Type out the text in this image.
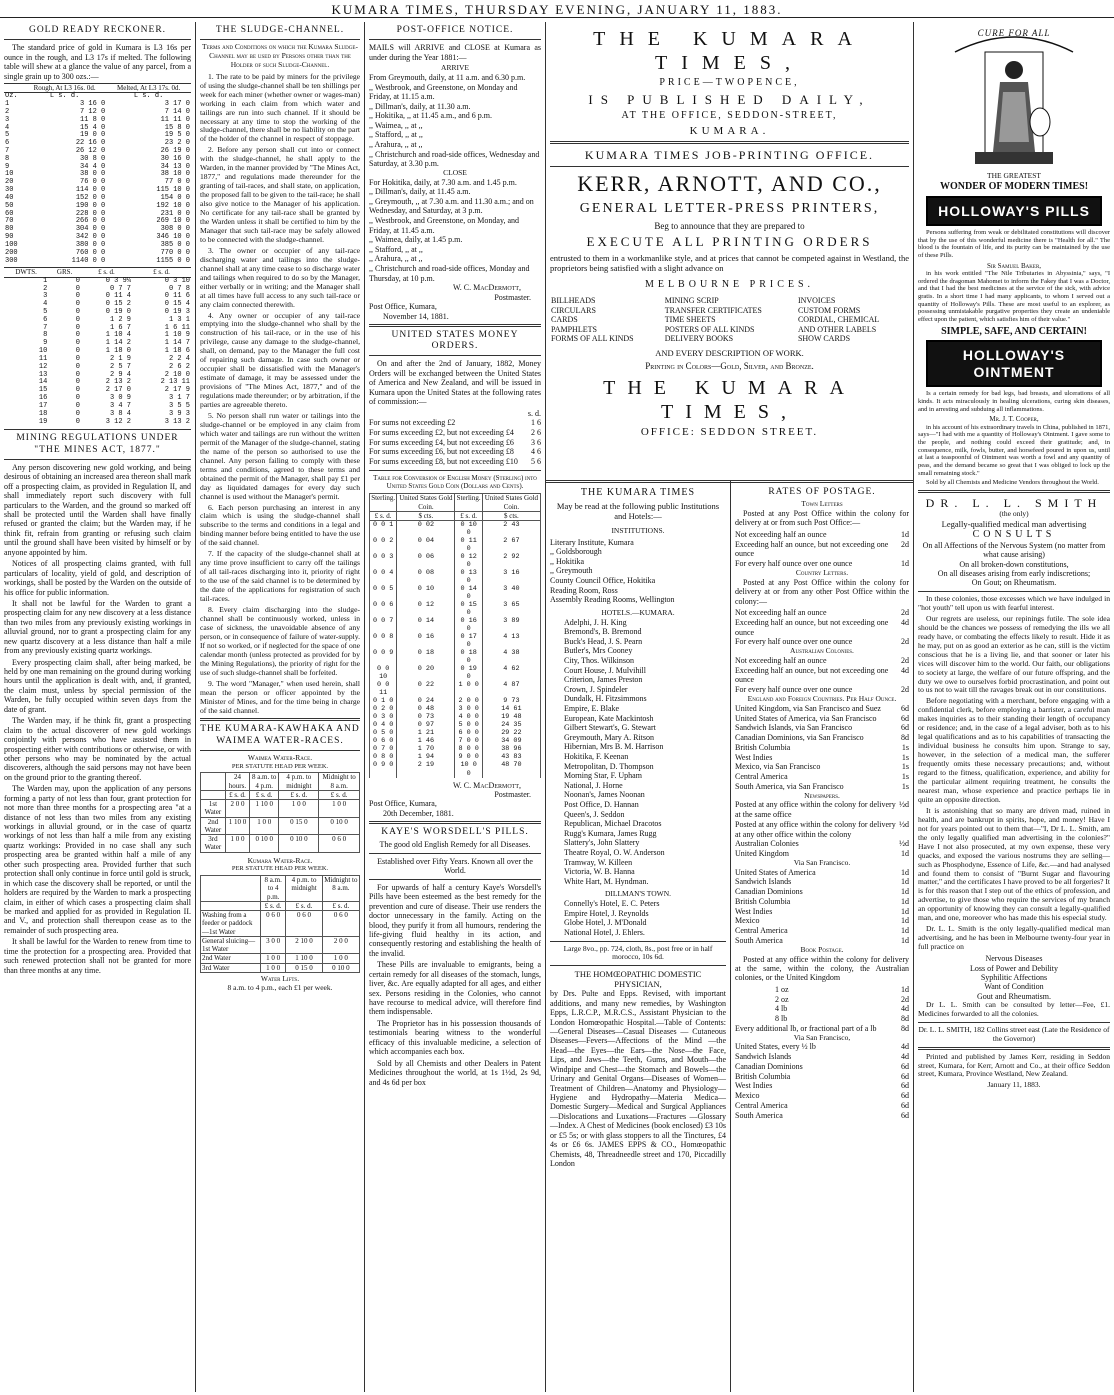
KUMARA TIMES, THURSDAY EVENING, JANUARY 11, 1883.
GOLD READY RECKONER.

The standard price of gold in Kumara is L3 16s per ounce in the rough, and L3 17s if melted. The following table will shew at a glance the value of any parcel, from a single grain up to 300 ozs.:—

	Rough, At L3 16s. 0d.	Melted, At L3 17s. 0d.
Oz.	L s. d.	L s. d.
1	3 16 0	3 17 0
2	7 12 0	7 14 0
3	11 8 0	11 11 0
4	15 4 0	15 8 0
5	19 0 0	19 5 0
6	22 16 0	23 2 0
7	26 12 0	26 19 0
8	30 8 0	30 16 0
9	34 4 0	34 13 0
10	38 0 0	38 10 0
20	76 0 0	77 0 0
30	114 0 0	115 10 0
40	152 0 0	154 0 0
50	190 0 0	192 10 0
60	228 0 0	231 0 0
70	266 0 0	269 10 0
80	304 0 0	308 0 0
90	342 0 0	346 10 0
100	380 0 0	385 0 0
200	760 0 0	770 0 0
300	1140 0 0	1155 0 0
DWTS.	GRS.	£ s. d.	£ s. d.
1	0	0 3 9¼	0 3 10
2	0	0 7 7	0 7 8
3	0	0 11 4	0 11 6
4	0	0 15 2	0 15 4
5	0	0 19 0	0 19 3
6	0	1 2 9	1 3 1
7	0	1 6 7	1 6 11
8	0	1 10 4	1 10 9
9	0	1 14 2	1 14 7
10	0	1 18 0	1 18 6
11	0	2 1 9	2 2 4
12	0	2 5 7	2 6 2
13	0	2 9 4	2 10 0
14	0	2 13 2	2 13 11
15	0	2 17 0	2 17 9
16	0	3 0 9	3 1 7
17	0	3 4 7	3 5 5
18	0	3 8 4	3 9 3
19	0	3 12 2	3 13 2
MINING REGULATIONS UNDER "THE MINES ACT, 1877."

Any person discovering new gold working, and being desirous of obtaining an increased area thereon shall mark off a prospecting claim, as provided in Regulation II, and shall immediately report such discovery with full particulars to the Warden, and the ground so marked off shall be protected until the Warden shall have finally refused or granted the claim; but the Warden may, if he think fit, refrain from granting or refusing such claim until the ground shall have been visited by himself or by anyone appointed by him.

Notices of all prospecting claims granted, with full particulars of locality, yield of gold, and description of workings, shall be posted by the Warden on the outside of his office for public information.

It shall not be lawful for the Warden to grant a prospecting claim for any new discovery at a less distance than two miles from any previously existing workings in alluvial ground, nor to grant a prospecting claim for any new quartz discovery at a less distance than half a mile from any previously existing quartz workings.

Every prospecting claim shall, after being marked, be held by one man remaining on the ground during working hours until the application is dealt with, and, if granted, the claim must, unless by special permission of the Warden, be fully occupied within seven days from the date of grant.

The Warden may, if he think fit, grant a prospecting claim to the actual discoverer of new gold workings conjointly with persons who have assisted them in prospecting either with contributions or otherwise, or with other persons who may be nominated by the actual discoverers, although the said persons may not have been on the ground prior to the granting thereof.

The Warden may, upon the application of any persons forming a party of not less than four, grant protection for not more than three months for a prospecting area "at a distance of not less than two miles from any existing workings in alluvial ground, or in the case of quartz workings of not less than half a mile from any existing quartz workings: Provided in no case shall any such prospecting area be granted within half a mile of any other such prospecting area. Provided further that such protection shall only continue in force until gold is struck, in which case the discovery shall be reported, or until the holders are required by the Warden to mark a prospecting claim, in either of which cases a prospecting claim shall be marked and applied for as provided in Regulation II. and V., and protection shall thereupon cease as to the remainder of such prospecting area.

It shall be lawful for the Warden to renew from time to time the protection for a prospecting area. Provided that such renewed protection shall not be granted for more than three months at any time.

THE SLUDGE-CHANNEL.
Terms and Conditions on which the Kumara Sludge-Channel may be used by Persons other than the Holder of such Sludge-Channel.

1. The rate to be paid by miners for the privilege of using the sludge-channel shall be ten shillings per week for each miner (whether owner or wages-man) working in each claim from which water and tailings are run into such channel. If it should be necessary at any time to stop the working of the sludge-channel, there shall be no liability on the part of the holder of the channel in respect of stoppage.

2. Before any person shall cut into or connect with the sludge-channel, he shall apply to the Warden, in the manner provided by "The Mines Act, 1877," and regulations made thereunder for the granting of tail-races, and shall state, on application, the proposed fall to be given to the tail-race; he shall also give notice to the Manager of his application. No certificate for any tail-race shall be granted by the Warden unless it shall be certified to him by the Manager that such tail-race may be safely allowed to be connected with the sludge-channel.

3. The owner or occupier of any tail-race discharging water and tailings into the sludge-channel shall at any time cease to so discharge water and tailings when required to do so by the Manager, either verbally or in writing; and the Manager shall at all times have full access to any such tail-race or any claim connected therewith.

4. Any owner or occupier of any tail-race emptying into the sludge-channel who shall by the construction of his tail-race, or in the use of his privilege, cause any damage to the sludge-channel, shall, on demand, pay to the Manager the full cost of repairing such damage. In case such owner or occupier shall be dissatisfied with the Manager's estimate of damage, it may be assessed under the provisions of "The Mines Act, 1877," and of the regulations made thereunder; or by arbitration, if the parties are agreeable thereto.

5. No person shall run water or tailings into the sludge-channel or be employed in any claim from which water and tailings are run without the written permit of the Manager of the sludge-channel, stating the name of the person so authorised to use the channel. Any person failing to comply with these terms and conditions, agreed to these terms and obtained the permit of the Manager, shall pay £1 per day as liquidated damages for every day such channel is used without the Manager's permit.

6. Each person purchasing an interest in any claim which is using the sludge-channel shall subscribe to the terms and conditions in a legal and binding manner before being entitled to have the use of the said channel.

7. If the capacity of the sludge-channel shall at any time prove insufficient to carry off the tailings of all tail-races discharging into it, priority of right to the use of the said channel is to be determined by the date of the applications for registration of such tail-races.

8. Every claim discharging into the sludge-channel shall be continuously worked, unless in case of sickness, the unavoidable absence of any person, or in consequence of failure of water-supply. If not so worked, or if neglected for the space of one calendar month (unless protected as provided for by the Mining Regulations), the priority of right for the use of such sludge-channel shall be forfeited.

9. The word "Manager," when used herein, shall mean the person or officer appointed by the Minister of Mines, and for the time being in charge of the said channel.

THE KUMARA-KAWHAKA AND WAIMEA WATER-RACES.
Waimea Water-Race.
PER STATUTE HEAD PER WEEK.
	24 hours.	8 a.m. to 4 p.m.	4 p.m. to midnight	Midnight to 8 a.m.
	£ s. d.	£ s. d.	£ s. d.	£ s. d.
1st Water	2 0 0	1 10 0	1 0 0	1 0 0
2nd Water	1 10 0	1 0 0	0 15 0	0 10 0
3rd Water	1 0 0	0 10 0	0 10 0	0 6 0
Kumara Water-Race.
PER STATUTE HEAD PER WEEK.
	8 a.m. to 4 p.m.	4 p.m. to midnight	Midnight to 8 a.m.
	£ s. d.	£ s. d.	£ s. d.
Washing from a feeder or paddock—1st Water	0 6 0	0 6 0	0 6 0
General sluicing—1st Water	3 0 0	2 10 0	2 0 0
2nd Water	1 0 0	1 10 0	1 0 0
3rd Water	1 0 0	0 15 0	0 10 0
Water Lifts.
8 a.m. to 4 p.m., each £1 per week.
POST-OFFICE NOTICE.

MAILS will ARRIVE and CLOSE at Kumara as under during the Year 1881:—

ARRIVE
From Greymouth, daily, at 11 a.m. and 6.30 p.m.
,, Westbrook, and Greenstone, on Monday and Friday, at 11.15 a.m.
,, Dillman's, daily, at 11.30 a.m.
,, Hokitika, ,, at 11.45 a.m., and 6 p.m.
,, Waimea, ,, at ,,
,, Stafford, ,, at ,,
,, Arahura, ,, at ,,
,, Christchurch and road-side offices, Wednesday and Saturday, at 3.30 p.m.
CLOSE
For Hokitika, daily, at 7.30 a.m. and 1.45 p.m.
,, Dillman's, daily, at 11.45 a.m.
,, Greymouth, ,, at 7.30 a.m. and 11.30 a.m.; and on Wednesday, and Saturday, at 3 p.m.
,, Westbrook, and Greenstone, on Monday, and Friday, at 11.45 a.m.
,, Waimea, daily, at 1.45 p.m.
,, Stafford, ,, at ,,
,, Arahura, ,, at ,,
,, Christchurch and road-side offices, Monday and Thursday, at 10 p.m.
W. C. MacDermott,
Postmaster.
Post Office, Kumara,
November 14, 1881.
UNITED STATES MONEY ORDERS.

On and after the 2nd of January, 1882, Money Orders will be exchanged between the United States of America and New Zealand, and will be issued in Kumara upon the United States at the following rates of commission:—

s. d.
For sums not exceeding £2	1 6
For sums exceeding £2, but not exceeding £4 2 6
For sums exceeding £4, but not exceeding £6 3 6
For sums exceeding £6, but not exceeding £8 4 6
For sums exceeding £8, but not exceeding £10 5 6
Table for Conversion of English Money (Sterling) into United States Gold Coin (Dollars and Cents).
Sterling.	United States Gold Coin.	Sterling.	United States Gold Coin.
£ s. d.	$ cts.	£ s. d.	$ cts.
0 0 1	0 02	0 10 0	2 43
0 0 2	0 04	0 11 0	2 67
0 0 3	0 06	0 12 0	2 92
0 0 4	0 08	0 13 0	3 16
0 0 5	0 10	0 14 0	3 40
0 0 6	0 12	0 15 0	3 65
0 0 7	0 14	0 16 0	3 89
0 0 8	0 16	0 17 0	4 13
0 0 9	0 18	0 18 0	4 38
0 0 10	0 20	0 19 0	4 62
0 0 11	0 22	1 0 0	4 87
0 1 0	0 24	2 0 0	9 73
0 2 0	0 48	3 0 0	14 61
0 3 0	0 73	4 0 0	19 48
0 4 0	0 97	5 0 0	24 35
0 5 0	1 21	6 0 0	29 22
0 6 0	1 46	7 0 0	34 09
0 7 0	1 70	8 0 0	38 96
0 8 0	1 94	9 0 0	43 83
0 9 0	2 19	10 0 0	48 70
W. C. MacDermott,
Postmaster.
Post Office, Kumara,
20th December, 1881.
KAYE'S WORSDELL'S PILLS.
The good old English Remedy for all Diseases.
Established over Fifty Years. Known all over the World.

For upwards of half a century Kaye's Worsdell's Pills have been esteemed as the best remedy for the prevention and cure of disease. Their use renders the doctor unnecessary in the family. Acting on the blood, they purify it from all humours, rendering the life-giving fluid healthy in its action, and consequently restoring and establishing the health of the invalid.

These Pills are invaluable to emigrants, being a certain remedy for all diseases of the stomach, lungs, liver, &c. Are equally adapted for all ages, and either sex. Persons residing in the Colonies, who cannot have recourse to medical advice, will therefore find them indispensable.

The Proprietor has in his possession thousands of testimonials bearing witness to the wonderful efficacy of this invaluable medicine, a selection of which accompanies each box.

Sold by all Chemists and other Dealers in Patent Medicines throughout the world, at 1s 1½d, 2s 9d, and 4s 6d per box

THE KUMARA TIMES,
PRICE—TWOPENCE,
IS PUBLISHED DAILY,
AT THE OFFICE, SEDDON-STREET,
KUMARA.
KUMARA TIMES JOB-PRINTING OFFICE.
KERR, ARNOTT, AND CO.,
GENERAL LETTER-PRESS PRINTERS,
Beg to announce that they are prepared to
EXECUTE ALL PRINTING ORDERS

entrusted to them in a workmanlike style, and at prices that cannot be competed against in Westland, the proprietors being satisfied with a slight advance on

MELBOURNE PRICES.
BILLHEADS	MINING SCRIP	INVOICES
CIRCULARS	TRANSFER CERTIFICATES	CUSTOM FORMS
CARDS	TIME SHEETS	CORDIAL, CHEMICAL
PAMPHLETS	POSTERS OF ALL KINDS	AND OTHER LABELS
FORMS OF ALL KINDS	DELIVERY BOOKS	SHOW CARDS
AND EVERY DESCRIPTION OF WORK.
Printing in Colors—Gold, Silver, and Bronze.
THE KUMARA TIMES,
OFFICE: SEDDON STREET.
THE KUMARA TIMES
May be read at the following public Institutions and Hotels:—
INSTITUTIONS.
Literary Institute, Kumara
,, Goldsborough
,, Hokitika
,, Greymouth
County Council Office, Hokitika
Reading Room, Ross
Assembly Reading Rooms, Wellington
HOTELS.—KUMARA.
Adelphi, J. H. King
Bremond's, B. Bremond
Buck's Head, J. S. Pearn
Butler's, Mrs Cooney
City, Thos. Wilkinson
Court House, J. Mulvihill
Criterion, James Preston
Crown, J. Spindeler
Dundalk, H. Fitzsimmons
Empire, E. Blake
European, Kate Mackintosh
Gilbert Stewart's, G. Stewart
Greymouth, Mary A. Ritson
Hibernian, Mrs B. M. Harrison
Hokitika, F. Keenan
Metropolitan, D. Thompson
Morning Star, F. Upham
National, J. Horne
Noonan's, James Noonan
Post Office, D. Hannan
Queen's, J. Seddon
Republican, Michael Dracotos
Rugg's Kumara, James Rugg
Slattery's, John Slattery
Theatre Royal, O. W. Anderson
Tramway, W. Killeen
Victoria, W. B. Hanna
White Hart, M. Hyndman.
DILLMAN'S TOWN.
Connelly's Hotel, E. C. Peters
Empire Hotel, J. Reynolds
Globe Hotel, J. M'Donald
National Hotel, J. Ehlers.
Large 8vo., pp. 724, cloth, 8s., post free or in half morocco, 10s 6d.
THE HOMŒOPATHIC DOMESTIC PHYSICIAN,

by Drs. Pulte and Epps. Revised, with important additions, and many new remedies, by Washington Epps, L.R.C.P., M.R.C.S., Assistant Physician to the London Homœopathic Hospital.—Table of Contents:—General Diseases—Casual Diseases — Cutaneous Diseases—Fevers—Affections of the Mind —the Head—the Eyes—the Ears—the Nose—the Face, Lips, and Jaws—the Teeth, Gums, and Mouth—the Windpipe and Chest—the Stomach and Bowels—the Urinary and Genital Organs—Diseases of Women—Treatment of Children—Anatomy and Physiology—Hygiene and Hydropathy—Materia Medica—Domestic Surgery—Medical and Surgical Appliances —Dislocations and Luxations—Fractures —Glossary—Index. A Chest of Medicines (book enclosed) £3 10s or £5 5s; or with glass stoppers to all the Tinctures, £4 4s or £6 6s. JAMES EPPS & CO., Homœopathic Chemists, 48, Threadneedle street and 170, Piccadilly London

RATES OF POSTAGE.
Town Letters

Posted at any Post Office within the colony for delivery at or from such Post Office:—

Not exceeding half an ounce	1d
Exceeding half an ounce, but not exceeding one ounce
2d
For every half ounce over one ounce	1d
Country Letters.

Posted at any Post Office within the colony for delivery at or from any other Post Office within the colony:—

Not exceeding half an ounce	2d
Exceeding half an ounce, but not exceeding one ounce
4d
For every half ounce over one ounce	2d
Australian Colonies.
Not exceeding half an ounce	2d
Exceeding half an ounce, but not exceeding one ounce
4d
For every half ounce over one ounce	2d
England and Foreign Countries. Per Half Ounce.
United Kingdom, via San Francisco and Suez	6d
United States of America, via San Francisco	6d
Sandwich Islands, via San Francisco	6d
Canadian Dominions, via San Francisco	8d
British Columbia	1s
West Indies	1s
Mexico, via San Francisco	1s
Central America	1s
South America, via San Francisco	1s
Newspapers.
Posted at any office within the colony for delivery at the same office
½d
Posted at any office within the colony for delivery at any other office within the colony
½d
Australian Colonies	½d
United Kingdom	1d
Via San Francisco.
United States of America	1d
Sandwich Islands	1d
Canadian Dominions	1d
British Columbia	1d
West Indies	1d
Mexico	1d
Central America	1d
South America	1d
Book Postage.

Posted at any office within the colony for delivery at the same, within the colony, the Australian colonies, or the United Kingdom

1 oz	1d
2 oz	2d
4 lb	4d
8 lb	8d
Every additional lb, or fractional part of a lb	8d
Via San Francisco,
United States, every ½ lb	4d
Sandwich Islands	4d
Canadian Dominions	6d
British Columbia	6d
West Indies	6d
Mexico	6d
Central America	6d
South America	6d
CURE FOR ALL
THE GREATEST
WONDER OF MODERN TIMES!
HOLLOWAY'S PILLS

Persons suffering from weak or debilitated constitutions will discover that by the use of this wonderful medicine there is "Health for all." The blood is the fountain of life, and its purity can be maintained by the use of these Pills.

Sir Samuel Baker,

in his work entitled "The Nile Tributaries in Abyssinia," says, "I ordered the dragoman Mahomet to inform the Fakey that I was a Doctor, and that I had the best medicines at the service of the sick, with advice gratis. In a short time I had many applicants, to whom I served out a quantity of Holloway's Pills. These are most useful to an explorer, as possessing unmistakable purgative properties they create an undeniable effect upon the patient, which satisfies him of their value."

SIMPLE, SAFE, AND CERTAIN!
HOLLOWAY'S OINTMENT

Is a certain remedy for bad legs, bad breasts, and ulcerations of all kinds. It acts miraculously in healing ulcerations, curing skin diseases, and in arresting and subduing all inflammations.

Mr. J. T. Cooper,

in his account of his extraordinary travels in China, published in 1871, says—"I had with me a quantity of Holloway's Ointment. I gave some to the people, and nothing could exceed their gratitude; and, in consequence, milk, fowls, butter, and horsefeed poured in upon us, until at last a teaspoonful of Ointment was worth a fowl and any quantity of peas, and the demand became so great that I was obliged to lock up the small remaining stock."

Sold by all Chemists and Medicine Vendors throughout the World.

DR. L. L. SMITH
(the only)
Legally-qualified medical man advertising
CONSULTS
On all Affections of the Nervous System (no matter from what cause arising)
On all broken-down constitutions,
On all diseases arising from early indiscretions;
On Gout; on Rheumatism.

In these colonies, those excesses which we have indulged in "hot youth" tell upon us with fearful interest.

Our regrets are useless, our repinings futile. The sole idea should be the chances we possess of remedying the ills we all ready have, or combating the effects likely to result. Hide it as he may, put on as good an exterior as he can, still is the victim conscious that he is a living lie, and that sooner or later his vices will discover him to the world. Our faith, our obligations to society at large, the welfare of our future offspring, and the duty we owe to ourselves forbid procrastination, and point out to us not to wait till the ravages break out in our constitutions.

Before negotiating with a merchant, before engaging with a confidential clerk, before employing a barrister, a careful man makes inquiries as to their standing their length of occupancy or residence; and, in the case of a legal adviser, both as to his legal qualifications and as to his capabilities of transacting the individual business he consults him upon. Strange to say, however, in the selection of a medical man, the sufferer frequently omits these necessary precautions; and, without regard to the fitness, qualification, experience, and ability for the particular ailment requiring treatment, he consults the nearest man, whose experience and practice perhaps lie in quite an opposite direction.

It is astonishing that so many are driven mad, ruined in health, and are bankrupt in spirits, hope, and money! Have I not for years pointed out to them that—"I, Dr L. L. Smith, am the only legally qualified man advertising in the colonies?" Have I not also prosecuted, at my own expense, these very quacks, and exposed the various nostrums they are selling—such as Phosphodyne, Essence of Life, &c.—and had analysed and found them to consist of "Burnt Sugar and flavouring matter," and the certificates I have proved to be all forgeries? It is for this reason that I step out of the ethics of profession, and advertise, to give those who require the services of my branch an opportunity of knowing they can consult a legally-qualified man, and one, moreover who has made this his especial study.

Dr. L. L. Smith is the only legally-qualified medical man advertising, and he has been in Melbourne twenty-four year in full practice on

Nervous Diseases
Loss of Power and Debility
Syphilitic Affections
Want of Condition
Gout and Rheumatism.

Dr L. L. Smith can be consulted by letter—Fee, £1. Medicines forwarded to all the colonies.

Dr. L. L. SMITH, 182 Collins street east (Late the Residence of the Governor)

Printed and published by James Kerr, residing in Seddon street, Kumara, for Kerr, Arnott and Co., at their office Seddon street, Kumara, Province Westland, New Zealand.

January 11, 1883.
